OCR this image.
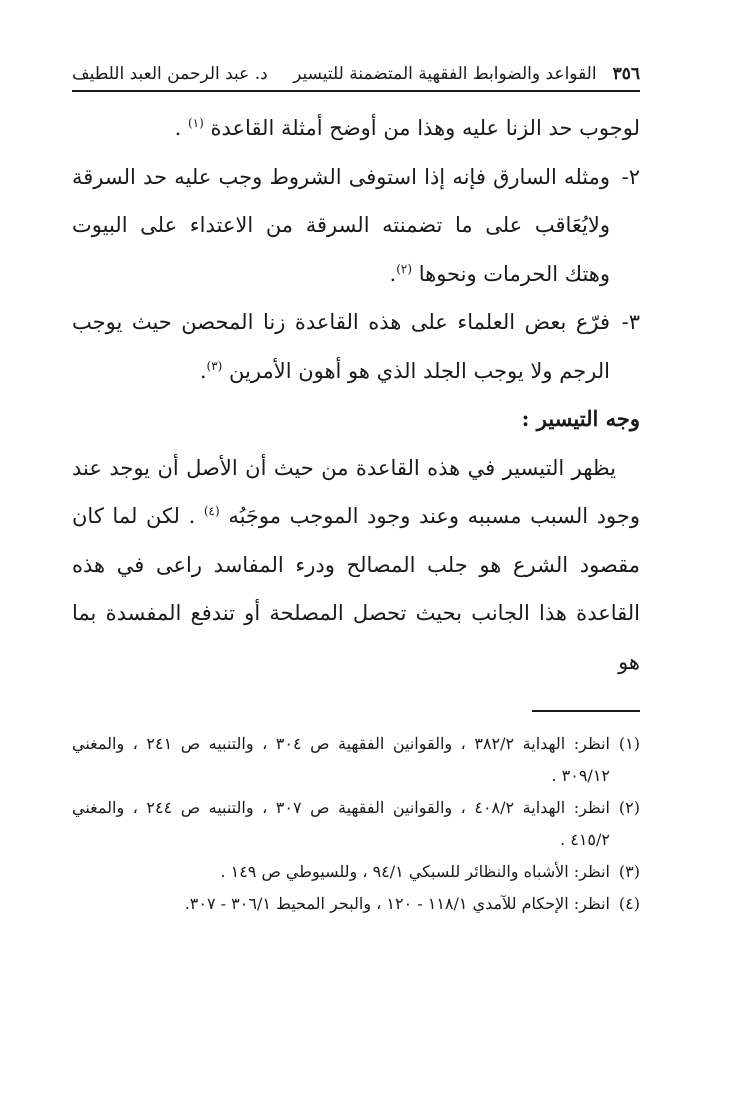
٣٥٦
القواعد والضوابط الفقهية المتضمنة للتيسير
د. عبد الرحمن العبد اللطيف

لوجوب حد الزنا عليه وهذا من أوضح أمثلة القاعدة $^{(١)}$ .

٢-ومثله السارق فإنه إذا استوفى الشروط وجب عليه حد السرقة ولايُعَاقب على ما تضمنته السرقة من الاعتداء على البيوت وهتك الحرمات ونحوها $^{(٢)}$.

٣-فرّع بعض العلماء على هذه القاعدة زنا المحصن حيث يوجب الرجم ولا يوجب الجلد الذي هو أهون الأمرين $^{(٣)}$.

وجه التيسير :

يظهر التيسير في هذه القاعدة من حيث أن الأصل أن يوجد عند وجود السبب مسببه وعند وجود الموجب موجَبُه $^{(٤)}$ . لكن لما كان مقصود الشرع هو جلب المصالح ودرء المفاسد راعى في هذه القاعدة هذا الجانب بحيث تحصل المصلحة أو تندفع المفسدة بما هو

(١)انظر: الهداية ٣٨٢/٢ ، والقوانين الفقهية ص ٣٠٤ ، والتنبيه ص ٢٤١ ، والمغني ٣٠٩/١٢ .

(٢)انظر: الهداية ٤٠٨/٢ ، والقوانين الفقهية ص ٣٠٧ ، والتنبيه ص ٢٤٤ ، والمغني ٤١٥/٢ .

(٣)انظر: الأشباه والنظائر للسبكي ٩٤/١ ، وللسيوطي ص ١٤٩ .

(٤)انظر: الإحكام للآمدي ١١٨/١ - ١٢٠ ، والبحر المحيط ٣٠٦/١ - ٣٠٧.
